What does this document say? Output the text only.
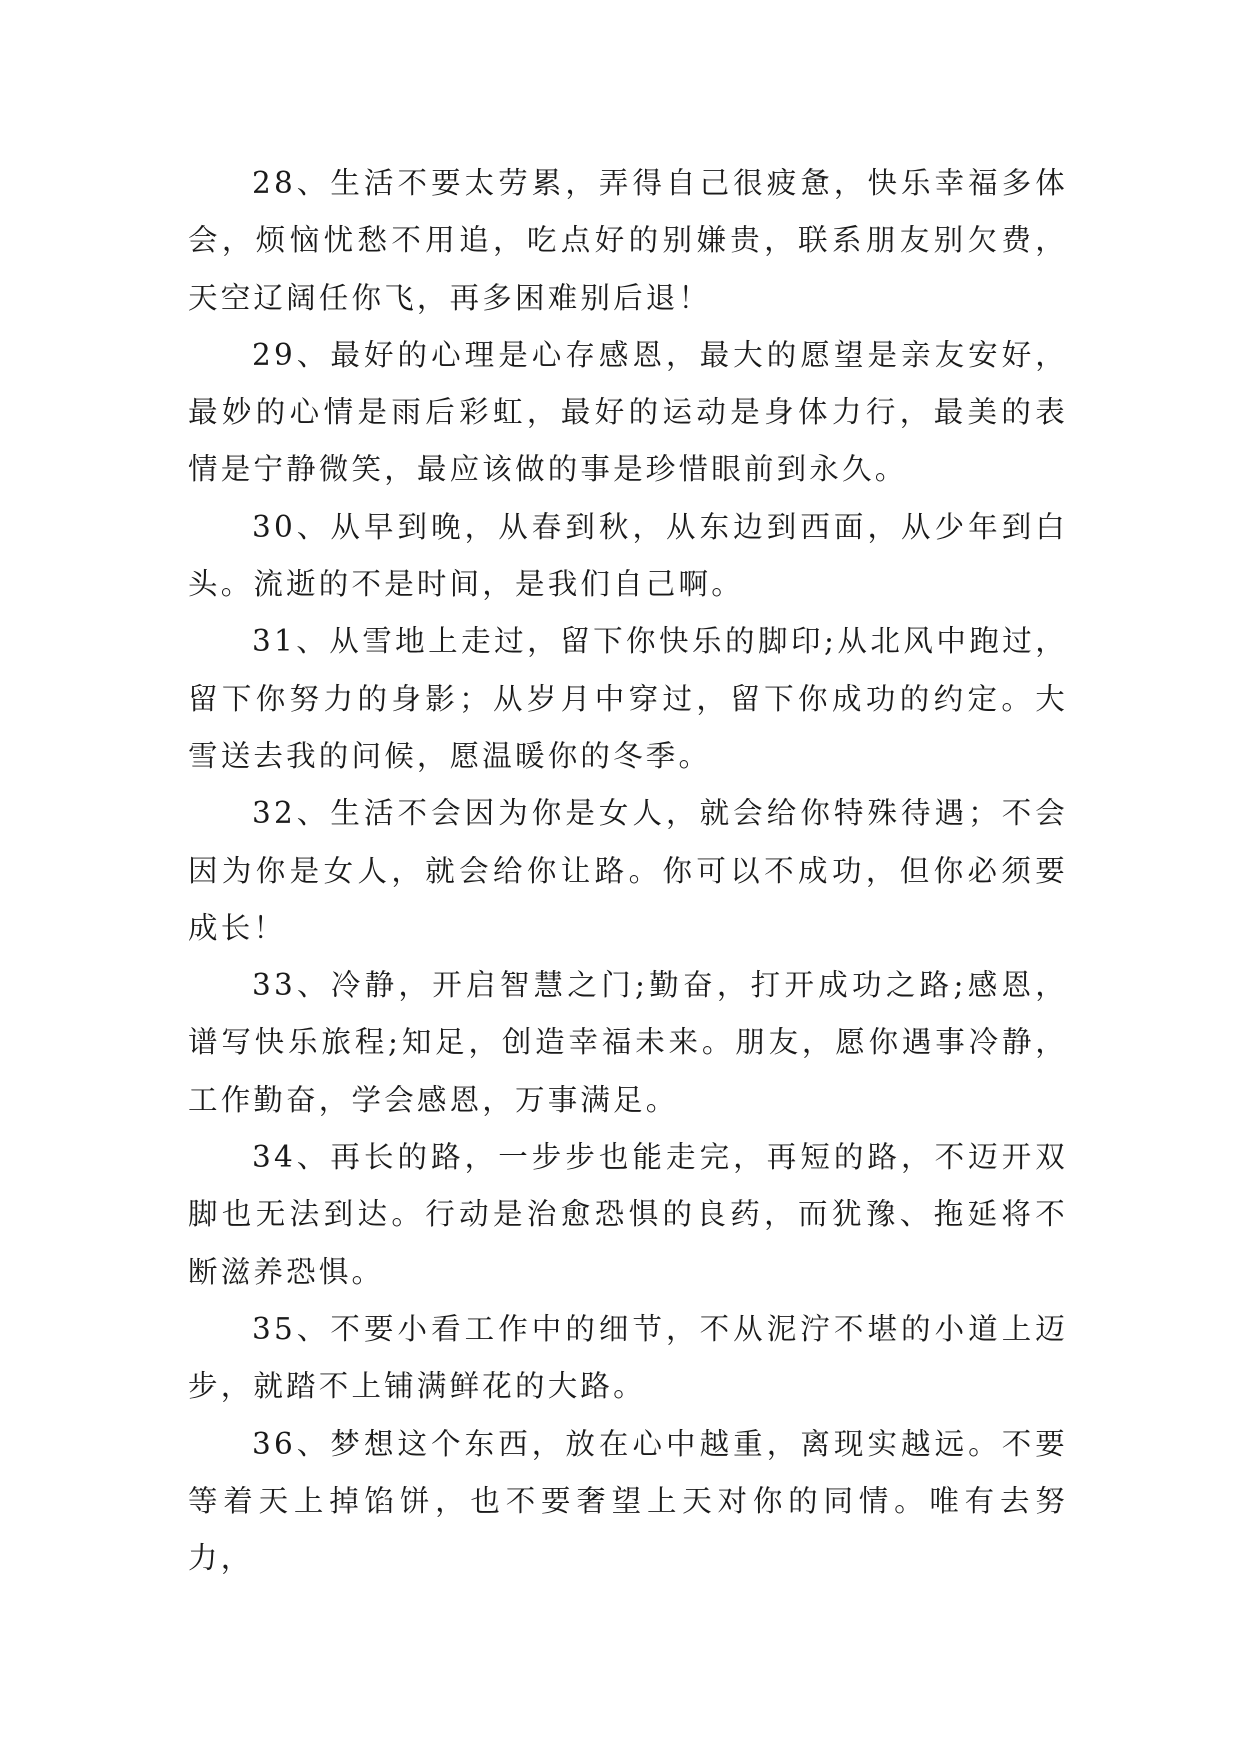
28、生活不要太劳累，弄得自己很疲惫，快乐幸福多体会，烦恼忧愁不用追，吃点好的别嫌贵，联系朋友别欠费，天空辽阔任你飞，再多困难别后退！

29、最好的心理是心存感恩，最大的愿望是亲友安好，最妙的心情是雨后彩虹，最好的运动是身体力行，最美的表情是宁静微笑，最应该做的事是珍惜眼前到永久。

30、从早到晚，从春到秋，从东边到西面，从少年到白头。流逝的不是时间，是我们自己啊。

31、从雪地上走过，留下你快乐的脚印;从北风中跑过，留下你努力的身影；从岁月中穿过，留下你成功的约定。大雪送去我的问候，愿温暖你的冬季。

32、生活不会因为你是女人，就会给你特殊待遇；不会因为你是女人，就会给你让路。你可以不成功，但你必须要成长！

33、冷静，开启智慧之门;勤奋，打开成功之路;感恩，谱写快乐旅程;知足，创造幸福未来。朋友，愿你遇事冷静，工作勤奋，学会感恩，万事满足。

34、再长的路，一步步也能走完，再短的路，不迈开双脚也无法到达。行动是治愈恐惧的良药，而犹豫、拖延将不断滋养恐惧。

35、不要小看工作中的细节，不从泥泞不堪的小道上迈步，就踏不上铺满鲜花的大路。

36、梦想这个东西，放在心中越重，离现实越远。不要等着天上掉馅饼，也不要奢望上天对你的同情。唯有去努力，
